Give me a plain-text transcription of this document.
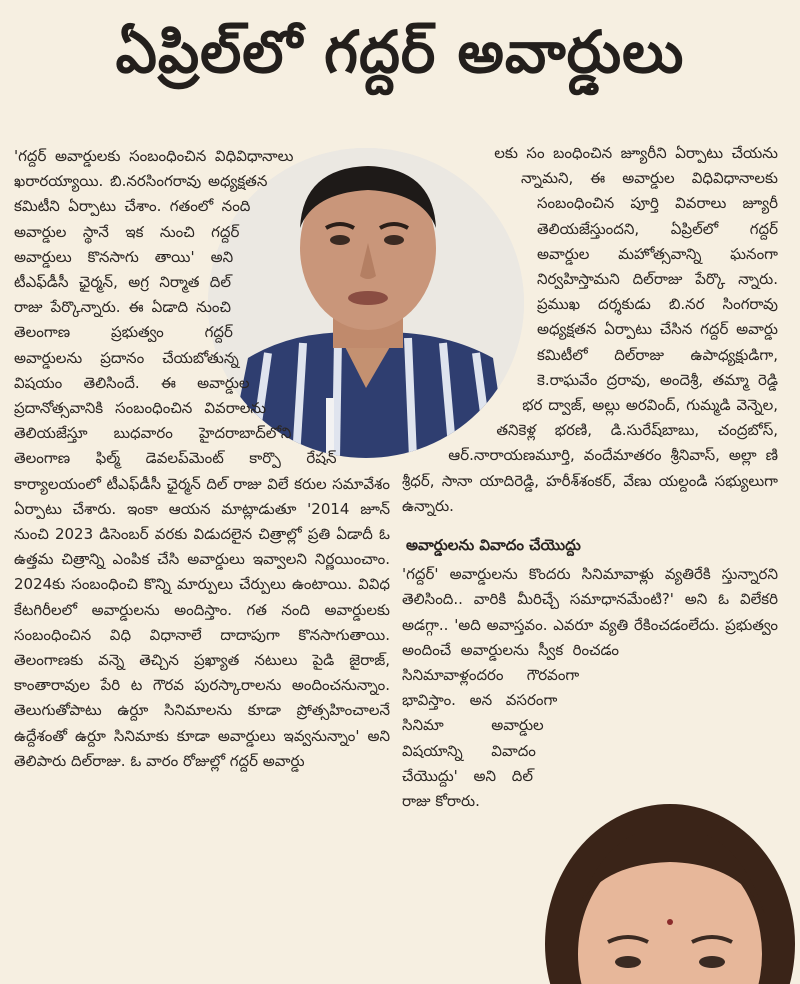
ఏప్రిల్‌లో గద్దర్ అవార్డులు

'గద్దర్ అవార్డులకు సంబంధించిన విధివిధానాలు ఖరారయ్యాయి. బి.నరసింగరావు అధ్యక్షతన కమిటీని ఏర్పాటు చేశాం. గతంలో నంది అవార్డుల స్థానే ఇక నుంచి గద్దర్ అవార్డులు కొనసాగు తాయి' అని టీఎఫ్‌డీసీ ఛైర్మన్, అగ్ర నిర్మాత దిల్ రాజు పేర్కొన్నారు. ఈ ఏడాది నుంచి తెలంగాణ ప్రభుత్వం గద్దర్ అవార్డులను ప్రదానం చేయబోతున్న విషయం తెలిసిందే. ఈ అవార్డుల ప్రదానోత్సవానికి సంబంధించిన వివరాలను తెలియజేస్తూ బుధవారం హైదరాబాద్‌లోని తెలంగాణ ఫిల్మ్ డెవలప్‌మెంట్ కార్పొ రేషన్ కార్యాలయంలో టీఎఫ్‌డీసీ ఛైర్మన్ దిల్ రాజు విలే కరుల సమావేశం ఏర్పాటు చేశారు. ఇంకా ఆయన మాట్లాడుతూ '2014 జూన్ నుంచి 2023 డిసెంబర్ వరకు విడుదలైన చిత్రాల్లో ప్రతి ఏడాదీ ఓ ఉత్తమ చిత్రాన్ని ఎంపిక చేసి అవార్డులు ఇవ్వాలని నిర్ణయించాం. 2024కు సంబంధించి కొన్ని మార్పులు చేర్పులు ఉంటాయి. వివిధ కేటగిరీలలో అవార్డులను అందిస్తాం. గత నంది అవార్డులకు సంబంధించిన విధి విధానాలే దాదాపుగా కొనసాగుతాయి. తెలంగాణకు వన్నె తెచ్చిన ప్రఖ్యాత నటులు పైడి జైరాజ్, కాంతారావుల పేరి ట గౌరవ పురస్కారాలను అందించనున్నాం. తెలుగుతోపాటు ఉర్దూ సినిమాలను కూడా ప్రోత్సహించాలనే ఉద్దేశంతో ఉర్దూ సినిమాకు కూడా అవార్డులు ఇవ్వనున్నాం' అని తెలిపారు దిల్‌రాజు. ఓ వారం రోజుల్లో గద్దర్ అవార్డు

లకు సం బంధించిన జ్యూరీని ఏర్పాటు చేయను న్నామని, ఈ అవార్డుల విధివిధానాలకు సంబంధించిన పూర్తి వివరాలు జ్యూరీ తెలియజేస్తుందని, ఏప్రిల్‌లో గద్దర్ అవార్డుల మహోత్సవాన్ని ఘనంగా నిర్వహిస్తామని దిల్‌రాజు పేర్కొ న్నారు. ప్రముఖ దర్శకుడు బి.నర సింగరావు అధ్యక్షతన ఏర్పాటు చేసిన గద్దర్ అవార్డు కమిటీలో దిల్‌రాజు ఉపాధ్యక్షుడిగా, కె.రాఘవేం ద్రరావు, అందెశ్రీ, తమ్మా రెడ్డి భర ద్వాజ్, అల్లు అరవింద్, గుమ్మడి వెన్నెల, తనికెళ్ల భరణి, డి.సురేష్‌బాబు, చంద్రబోస్, ఆర్.నారాయణమూర్తి, వందేమాతరం శ్రీనివాస్, అల్లా ణి శ్రీధర్, సానా యాదిరెడ్డి, హరీశ్‌శంకర్, వేణు యల్దండి సభ్యులుగా ఉన్నారు.

అవార్డులను వివాదం చేయొద్దు

'గద్దర్' అవార్డులను కొందరు సినిమావాళ్లు వ్యతిరేకి స్తున్నారని తెలిసింది.. వారికి మీరిచ్చే సమాధానమేంటి?' అని ఓ విలేకరి అడగ్గా.. 'అది అవాస్తవం. ఎవరూ వ్యతి రేకించడంలేదు. ప్రభుత్వం అందించే అవార్డులను స్వీక రించడం సినిమావాళ్లందరం గౌరవంగా భావిస్తాం. అన వసరంగా సినిమా అవార్డుల విషయాన్ని వివాదం చేయొద్దు' అని దిల్ రాజు కోరారు.
